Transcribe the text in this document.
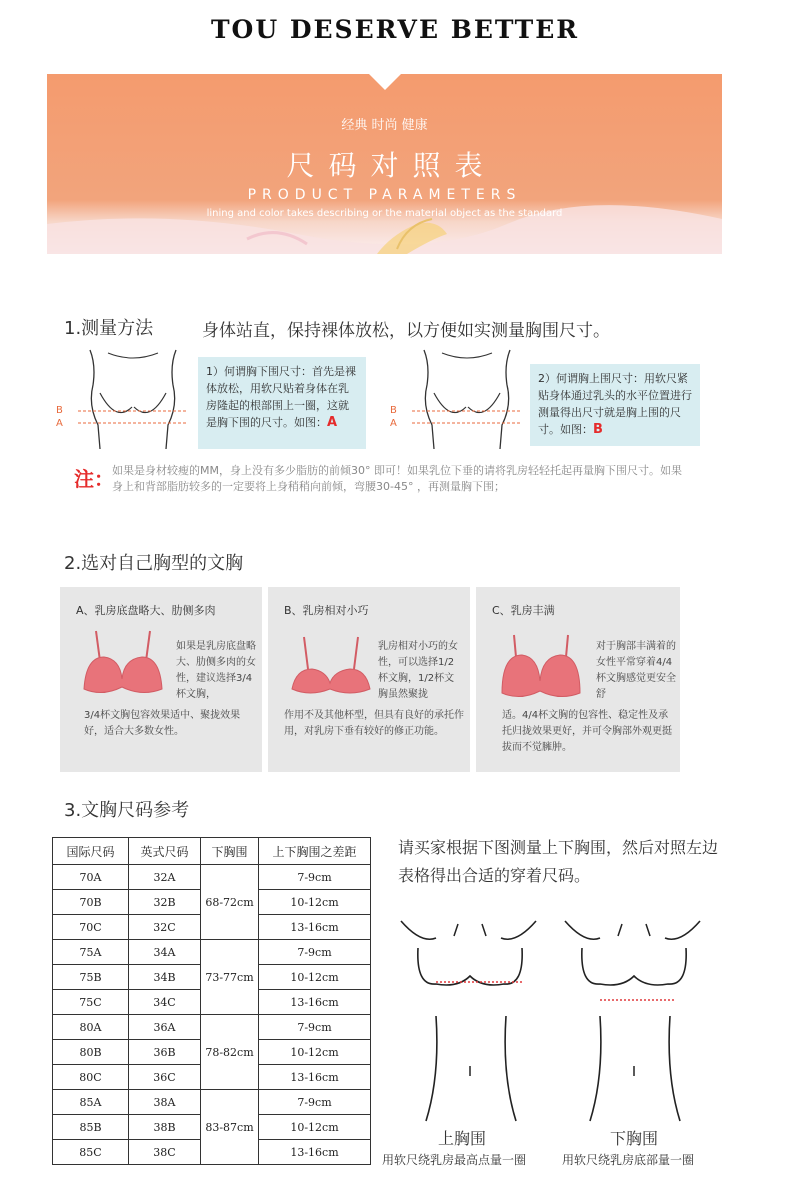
TOU DESERVE BETTER
经典 时尚 健康
尺码对照表
PRODUCT PARAMETERS
lining and color takes describing or the material object as the standard
1.测量方法	身体站直，保持裸体放松，以方便如实测量胸围尺寸。
B
A
1）何谓胸下围尺寸：首先是裸体放松，用软尺贴着身体在乳房隆起的根部围上一圈，这就是胸下围的尺寸。如图：A
B
A
2）何谓胸上围尺寸：用软尺紧贴身体通过乳头的水平位置进行测量得出尺寸就是胸上围的尺寸。如图：B
注：
如果是身材较瘦的MM，身上没有多少脂肪的前倾30° 即可！如果乳位下垂的请将乳房轻轻托起再量胸下围尺寸。如果身上和背部脂肪较多的一定要将上身稍稍向前倾，弯腰30-45° ，再测量胸下围；
2.选对自己胸型的文胸
A、乳房底盘略大、肋侧多肉
如果是乳房底盘略大、肋侧多肉的女性，建议选择3/4杯文胸，
3/4杯文胸包容效果适中、聚拢效果好，适合大多数女性。
B、乳房相对小巧
乳房相对小巧的女性，可以选择1/2杯文胸，1/2杯文胸虽然聚拢
作用不及其他杯型，但具有良好的承托作用，对乳房下垂有较好的修正功能。
C、乳房丰满
对于胸部丰满着的女性平常穿着4/4杯文胸感觉更安全舒
适。4/4杯文胸的包容性、稳定性及承托归拢效果更好，并可令胸部外观更挺拔而不觉臃肿。
3.文胸尺码参考
国际尺码	英式尺码	下胸围	上下胸围之差距
70A	32A	68-72cm	7-9cm
70B	32B		10-12cm
70C	32C		13-16cm
75A	34A	73-77cm	7-9cm
75B	34B		10-12cm
75C	34C		13-16cm
80A	36A	78-82cm	7-9cm
80B	36B		10-12cm
80C	36C		13-16cm
85A	38A	83-87cm	7-9cm
85B	38B		10-12cm
85C	38C		13-16cm
请买家根据下图测量上下胸围，然后对照左边表格得出合适的穿着尺码。
上胸围
用软尺绕乳房最高点量一圈
下胸围
用软尺绕乳房底部量一圈
